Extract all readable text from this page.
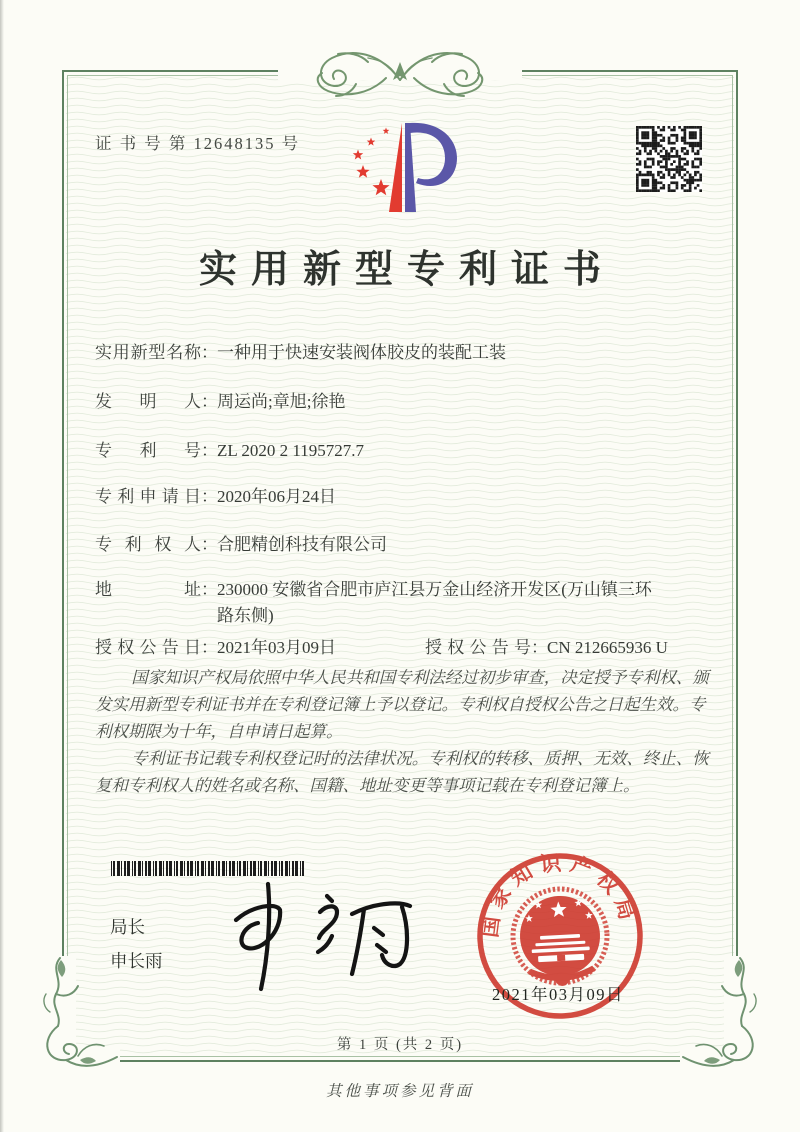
证 书 号 第 12648135 号
实用新型专利证书
实用新型名称：一种用于快速安装阀体胶皮的装配工装
发明人：周运尚;章旭;徐艳
专利号：ZL 2020 2 1195727.7
专利申请日：2020年06月24日
专利权人：合肥精创科技有限公司
地址：230000 安徽省合肥市庐江县万金山经济开发区(万山镇三环路东侧)
授权公告日：2021年03月09日	授权公告号：CN 212665936 U

国家知识产权局依照中华人民共和国专利法经过初步审查，决定授予专利权、颁发实用新型专利证书并在专利登记簿上予以登记。专利权自授权公告之日起生效。专利权期限为十年，自申请日起算。

专利证书记载专利权登记时的法律状况。专利权的转移、质押、无效、终止、恢复和专利权人的姓名或名称、国籍、地址变更等事项记载在专利登记簿上。

局长
申长雨
国家知识产权局
2021年03月09日
第 1 页 (共 2 页)
其他事项参见背面
